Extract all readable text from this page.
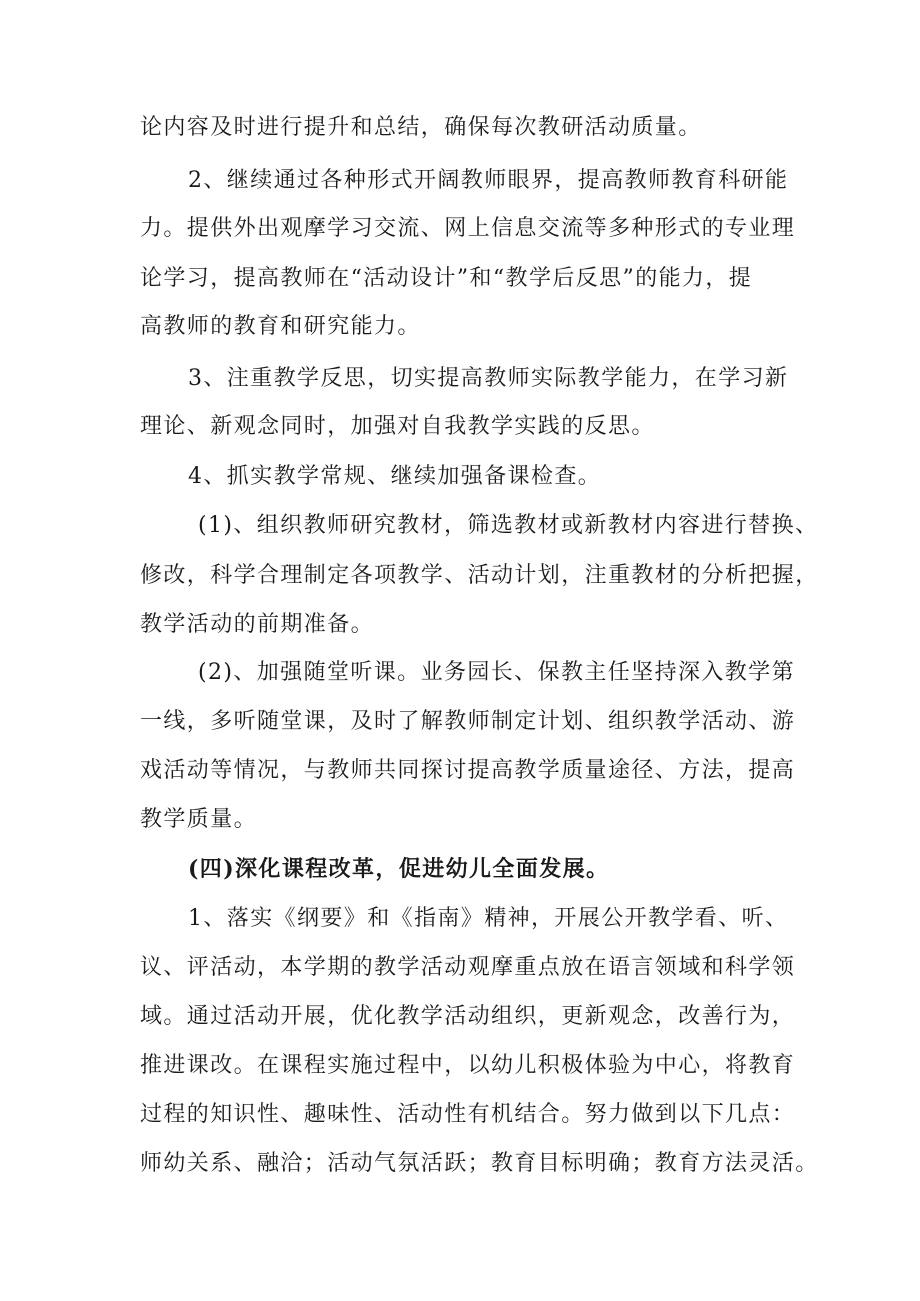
论内容及时进行提升和总结，确保每次教研活动质量。
2、继续通过各种形式开阔教师眼界，提高教师教育科研能
力。提供外出观摩学习交流、网上信息交流等多种形式的专业理
论学习，提高教师在“活动设计”和“教学后反思”的能力，提
高教师的教育和研究能力。
3、注重教学反思，切实提高教师实际教学能力，在学习新
理论、新观念同时，加强对自我教学实践的反思。
4、抓实教学常规、继续加强备课检查。
(1)、组织教师研究教材，筛选教材或新教材内容进行替换、
修改，科学合理制定各项教学、活动计划，注重教材的分析把握，
教学活动的前期准备。
(2)、加强随堂听课。业务园长、保教主任坚持深入教学第
一线，多听随堂课，及时了解教师制定计划、组织教学活动、游
戏活动等情况，与教师共同探讨提高教学质量途径、方法，提高
教学质量。
(四)深化课程改革，促进幼儿全面发展。
1、落实《纲要》和《指南》精神，开展公开教学看、听、
议、评活动，本学期的教学活动观摩重点放在语言领域和科学领
域。通过活动开展，优化教学活动组织，更新观念，改善行为，
推进课改。在课程实施过程中，以幼儿积极体验为中心，将教育
过程的知识性、趣味性、活动性有机结合。努力做到以下几点：
师幼关系、融洽；活动气氛活跃；教育目标明确；教育方法灵活。
